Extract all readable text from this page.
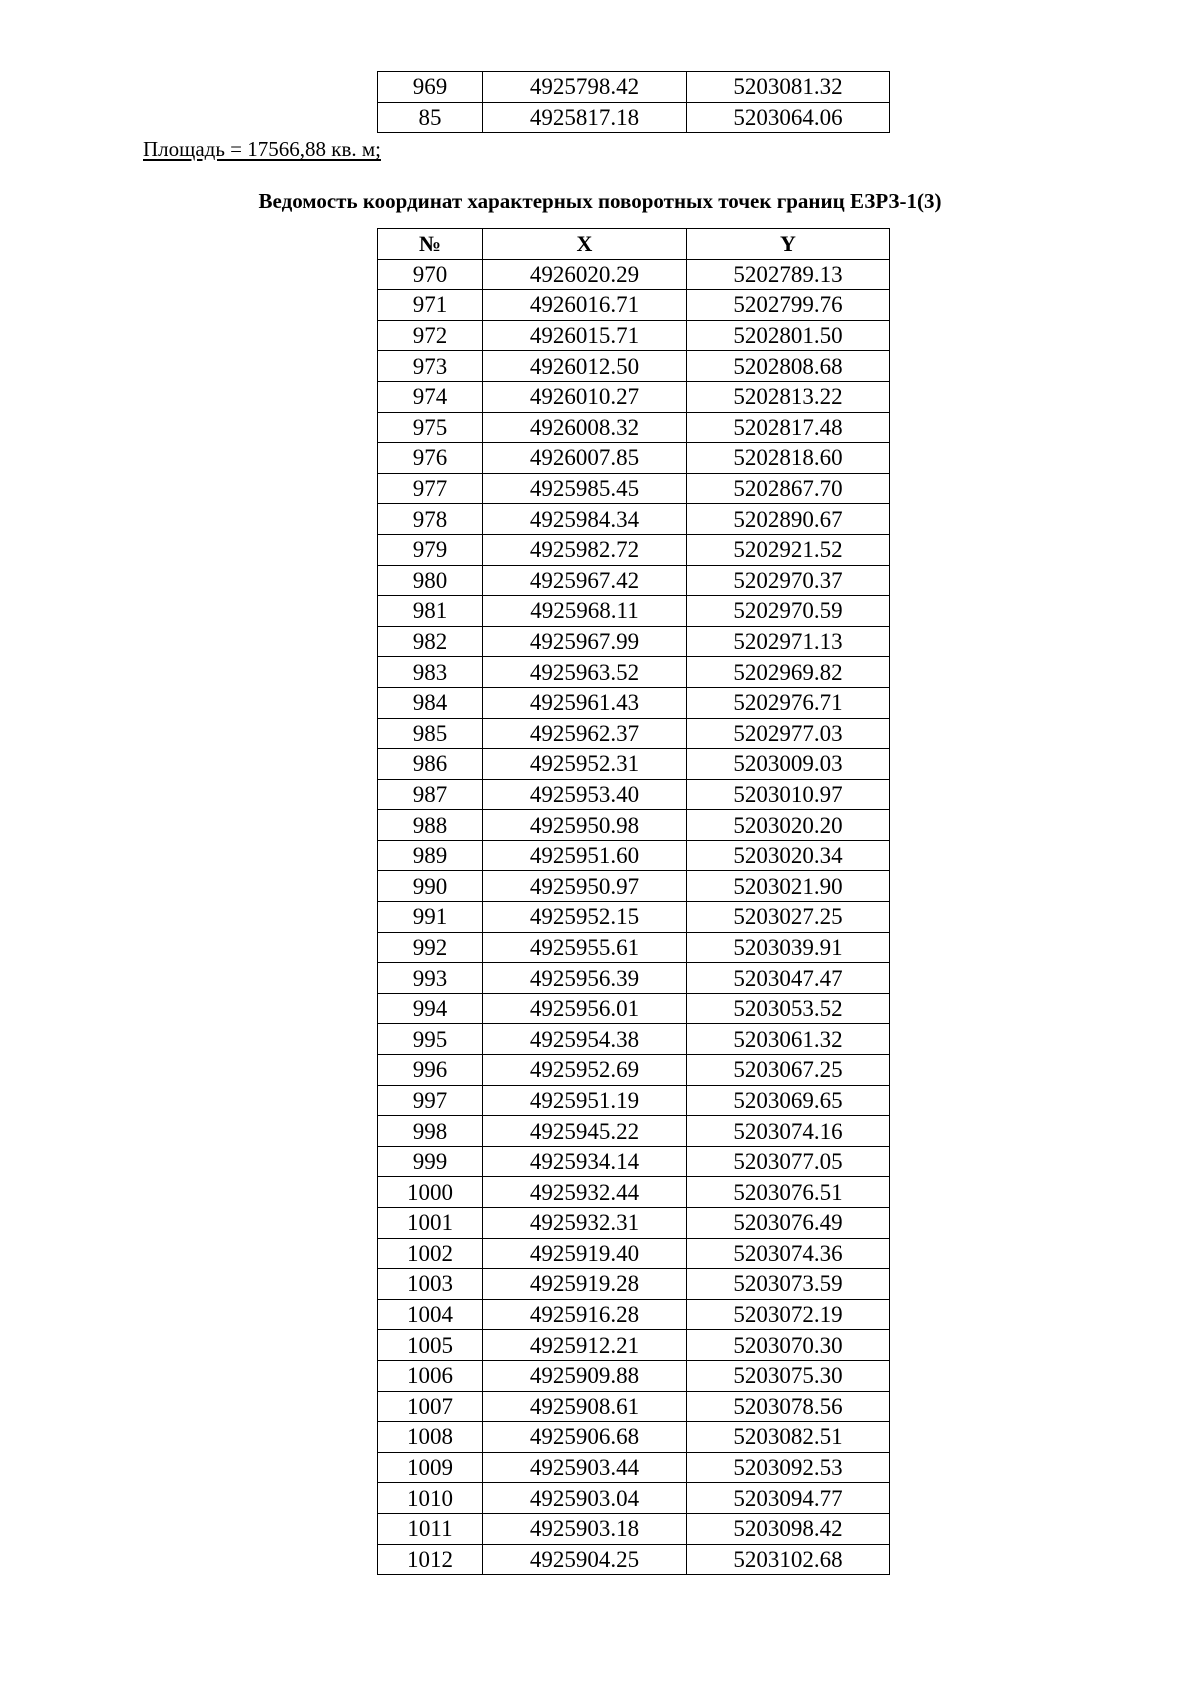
969	4925798.42	5203081.32
85	4925817.18	5203064.06
Площадь = 17566,88 кв. м;
Ведомость координат характерных поворотных точек границ ЕЗРЗ-1(3)
№	X	Y
970	4926020.29	5202789.13
971	4926016.71	5202799.76
972	4926015.71	5202801.50
973	4926012.50	5202808.68
974	4926010.27	5202813.22
975	4926008.32	5202817.48
976	4926007.85	5202818.60
977	4925985.45	5202867.70
978	4925984.34	5202890.67
979	4925982.72	5202921.52
980	4925967.42	5202970.37
981	4925968.11	5202970.59
982	4925967.99	5202971.13
983	4925963.52	5202969.82
984	4925961.43	5202976.71
985	4925962.37	5202977.03
986	4925952.31	5203009.03
987	4925953.40	5203010.97
988	4925950.98	5203020.20
989	4925951.60	5203020.34
990	4925950.97	5203021.90
991	4925952.15	5203027.25
992	4925955.61	5203039.91
993	4925956.39	5203047.47
994	4925956.01	5203053.52
995	4925954.38	5203061.32
996	4925952.69	5203067.25
997	4925951.19	5203069.65
998	4925945.22	5203074.16
999	4925934.14	5203077.05
1000	4925932.44	5203076.51
1001	4925932.31	5203076.49
1002	4925919.40	5203074.36
1003	4925919.28	5203073.59
1004	4925916.28	5203072.19
1005	4925912.21	5203070.30
1006	4925909.88	5203075.30
1007	4925908.61	5203078.56
1008	4925906.68	5203082.51
1009	4925903.44	5203092.53
1010	4925903.04	5203094.77
1011	4925903.18	5203098.42
1012	4925904.25	5203102.68
